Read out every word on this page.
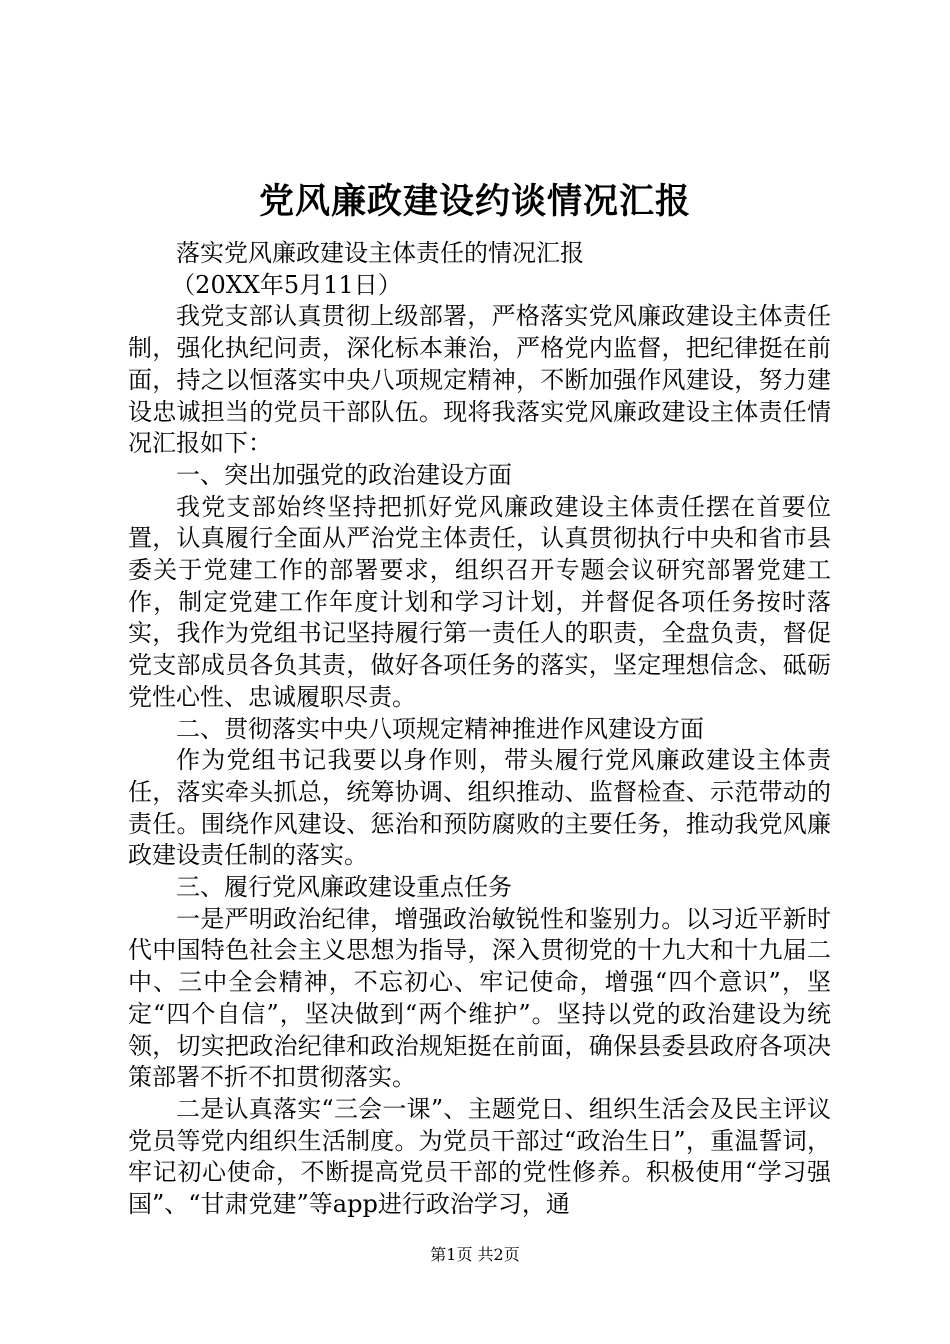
党风廉政建设约谈情况汇报

落实党风廉政建设主体责任的情况汇报

（20XX年5月11日）

我党支部认真贯彻上级部署，严格落实党风廉政建设主体责任制，强化执纪问责，深化标本兼治，严格党内监督，把纪律挺在前面，持之以恒落实中央八项规定精神，不断加强作风建设，努力建设忠诚担当的党员干部队伍。现将我落实党风廉政建设主体责任情况汇报如下：

一、突出加强党的政治建设方面

我党支部始终坚持把抓好党风廉政建设主体责任摆在首要位置，认真履行全面从严治党主体责任，认真贯彻执行中央和省市县委关于党建工作的部署要求，组织召开专题会议研究部署党建工作，制定党建工作年度计划和学习计划，并督促各项任务按时落实，我作为党组书记坚持履行第一责任人的职责，全盘负责，督促党支部成员各负其责，做好各项任务的落实，坚定理想信念、砥砺党性心性、忠诚履职尽责。

二、贯彻落实中央八项规定精神推进作风建设方面

作为党组书记我要以身作则，带头履行党风廉政建设主体责任，落实牵头抓总，统筹协调、组织推动、监督检查、示范带动的责任。围绕作风建设、惩治和预防腐败的主要任务，推动我党风廉政建设责任制的落实。

三、履行党风廉政建设重点任务

一是严明政治纪律，增强政治敏锐性和鉴别力。以习近平新时代中国特色社会主义思想为指导，深入贯彻党的十九大和十九届二中、三中全会精神，不忘初心、牢记使命，增强“四个意识”，坚定“四个自信”，坚决做到“两个维护”。坚持以党的政治建设为统领，切实把政治纪律和政治规矩挺在前面，确保县委县政府各项决策部署不折不扣贯彻落实。

二是认真落实“三会一课”、主题党日、组织生活会及民主评议党员等党内组织生活制度。为党员干部过“政治生日”，重温誓词，牢记初心使命，不断提高党员干部的党性修养。积极使用“学习强国”、“甘肃党建”等app进行政治学习，通

第1页 共2页
